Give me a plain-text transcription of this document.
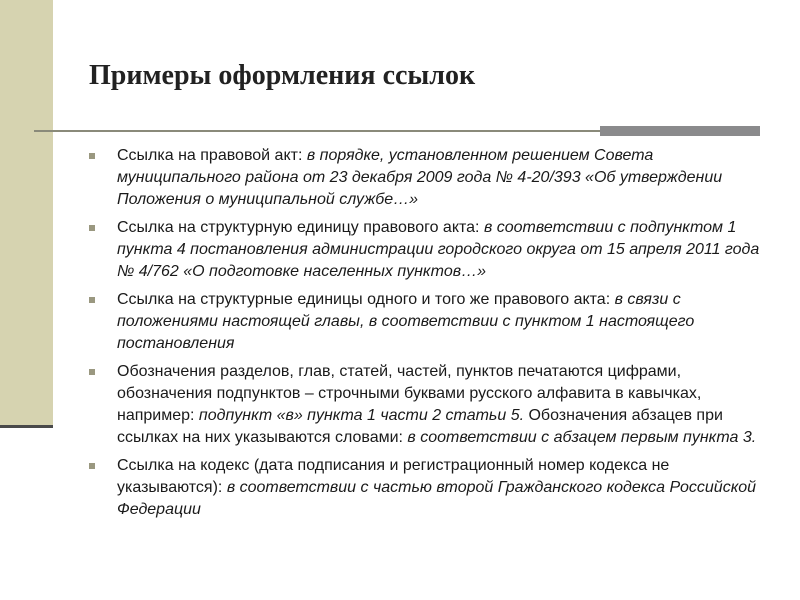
Примеры оформления ссылок
Ссылка на правовой акт: в порядке, установленном решением Совета муниципального района от 23 декабря 2009 года № 4-20/393 «Об утверждении Положения о муниципальной службе…»
Ссылка на структурную единицу правового акта: в соответствии с подпунктом 1 пункта 4 постановления администрации городского округа от 15 апреля 2011 года № 4/762 «О подготовке населенных пунктов…»
Ссылка на структурные единицы одного и того же правового акта: в связи с положениями настоящей главы, в соответствии с пунктом 1 настоящего постановления
Обозначения разделов, глав, статей, частей, пунктов печатаются цифрами, обозначения подпунктов – строчными буквами русского алфавита в кавычках, например: подпункт «в» пункта 1 части 2 статьи 5. Обозначения абзацев при ссылках на них указываются словами: в соответствии с абзацем первым пункта 3.
Ссылка на кодекс (дата подписания и регистрационный номер кодекса не указываются): в соответствии с частью второй Гражданского кодекса Российской Федерации
